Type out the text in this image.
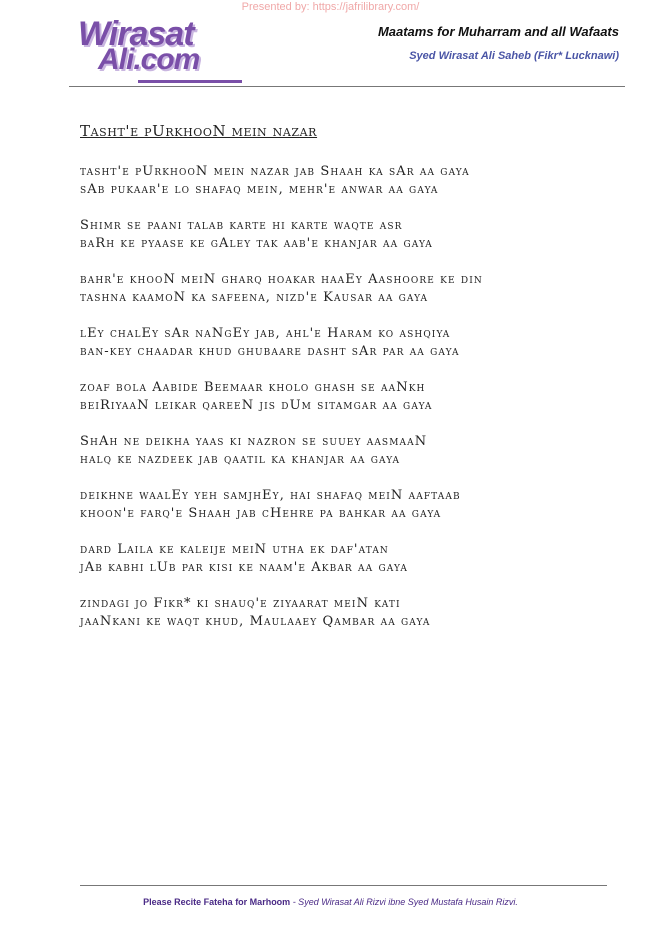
Presented by: https://jafrilibrary.com/
Wirasat
Ali.com
Maatams for Muharram and all Wafaats
Syed Wirasat Ali Saheb (Fikr* Lucknawi)
Tasht'e pUrkhooN mein nazar
tasht'e pUrkhooN mein nazar jab Shaah ka sAr aa gaya
sAb pukaar'e lo shafaq mein, mehr'e anwar aa gaya
Shimr se paani talab karte hi karte waqte asr
baRh ke pyaase ke gAley tak aab'e khanjar aa gaya
bahr'e khooN meiN gharq hoakar haaEy Aashoore ke din
tashna kaamoN ka safeena, nizd'e Kausar aa gaya
lEy chalEy sAr naNgEy jab, ahl'e Haram ko ashqiya
ban-key chaadar khud ghubaare dasht sAr par aa gaya
zoaf bola Aabide Beemaar kholo ghash se aaNkh
beiRiyaaN leikar qareeN jis dUm sitamgar aa gaya
ShAh ne deikha yaas ki nazron se suuey aasmaaN
halq ke nazdeek jab qaatil ka khanjar aa gaya
deikhne waalEy yeh samjhEy, hai shafaq meiN aaftaab
khoon'e farq'e Shaah jab cHehre pa bahkar aa gaya
dard Laila ke kaleije meiN utha ek daf'atan
jAb kabhi lUb par kisi ke naam'e Akbar aa gaya
zindagi jo Fikr* ki shauq'e ziyaarat meiN kati
jaaNkani ke waqt khud, Maulaaey Qambar aa gaya
Please Recite Fateha for Marhoom - Syed Wirasat Ali Rizvi ibne Syed Mustafa Husain Rizvi.
